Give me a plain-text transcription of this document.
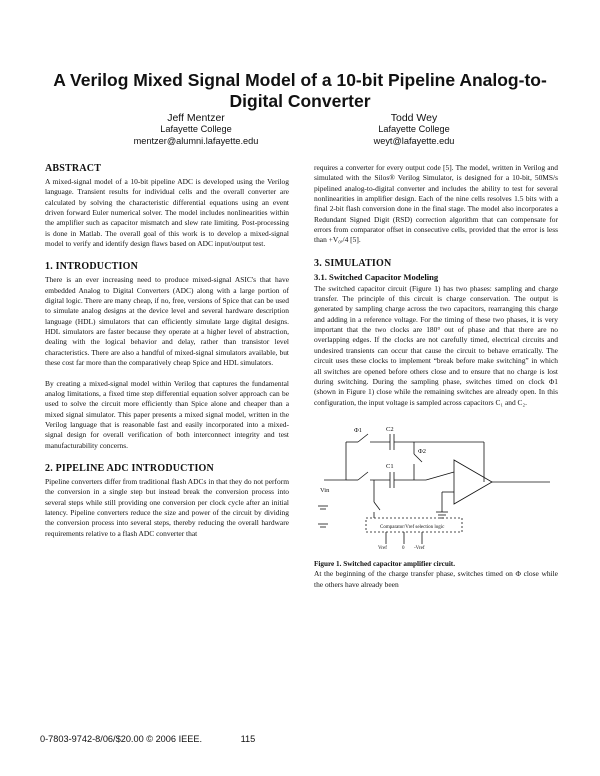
A Verilog Mixed Signal Model of a 10-bit Pipeline Analog-to-Digital Converter
Jeff Mentzer
Lafayette College
mentzer@alumni.lafayette.edu
Todd Wey
Lafayette College
weyt@lafayette.edu
ABSTRACT

A mixed-signal model of a 10-bit pipeline ADC is developed using the Verilog language. Transient results for individual cells and the overall converter are calculated by solving the characteristic differential equations using an event driven forward Euler numerical solver. The model includes nonlinearities within the amplifier such as capacitor mismatch and slew rate limiting. Post-processing is done in Matlab. The overall goal of this work is to develop a mixed-signal model to verify and identify design flaws based on ADC input/output test.

1. INTRODUCTION

There is an ever increasing need to produce mixed-signal ASIC's that have embedded Analog to Digital Converters (ADC) along with a large portion of digital logic. There are many cheap, if no, free, versions of Spice that can be used to simulate analog designs at the device level and several hardware description language (HDL) simulators that can efficiently simulate large digital designs. HDL simulators are faster because they operate at a higher level of abstraction, dealing with the logical behavior and delay, rather than transistor level characteristics. There are also a handful of mixed-signal simulators available, but these cost far more than the comparatively cheap Spice and HDL simulators.

By creating a mixed-signal model within Verilog that captures the fundamental analog limitations, a fixed time step differential equation solver approach can be used to solve the circuit more efficiently than Spice alone and cheaper than a mixed signal simulator. This paper presents a mixed signal model, written in the Verilog language that is reasonable fast and easily incorporated into a mixed-signal design for overall verification of both interconnect integrity and test manufacturability concerns.

2. PIPELINE ADC INTRODUCTION

Pipeline converters differ from traditional flash ADCs in that they do not perform the conversion in a single step but instead break the conversion process into several steps while still providing one conversion per clock cycle after an initial latency. Pipeline converters reduce the size and power of the circuit by dividing the conversion process into several steps, thereby reducing the overall hardware requirements relative to a flash ADC converter that

requires a converter for every output code [5]. The model, written in Verilog and simulated with the Silos® Verilog Simulator, is designed for a 10-bit, 50MS/s pipelined analog-to-digital converter and includes the ability to test for several nonlinearities in amplifier design. Each of the nine cells resolves 1.5 bits with a final 2-bit flash conversion done in the final stage. The model also incorporates a Redundant Signed Digit (RSD) correction algorithm that can compensate for errors from comparator offset in consecutive cells, provided that the error is less than +V₀ᵣ/4 [5].

3. SIMULATION
3.1. Switched Capacitor Modeling

The switched capacitor circuit (Figure 1) has two phases: sampling and charge transfer. The principle of this circuit is charge conservation. The output is generated by sampling charge across the two capacitors, rearranging this charge and adding in a reference voltage. For the timing of these two phases, it is very important that the two clocks are 180° out of phase and that there are no overlapping edges. If the clocks are not carefully timed, electrical circuits and undesired transients can occur that cause the circuit to behave erratically. The circuit uses these clocks to implement “break before make switching” in which all switches are opened before others close and to ensure that no charge is lost during switching. During the sampling phase, switches timed on clock Φ1 (shown in Figure 1) close while the remaining switches are already open. In this configuration, the input voltage is sampled across capacitors C₁ and C₂.

C2
C1
Vin
Φ1
Φ2
Comparator/Vref selection logic
Vref	0 -Vref
Figure 1. Switched capacitor amplifier circuit.

At the beginning of the charge transfer phase, switches timed on Φ close while the others have already been

0-7803-9742-8/06/$20.00 © 2006 IEEE.	115
